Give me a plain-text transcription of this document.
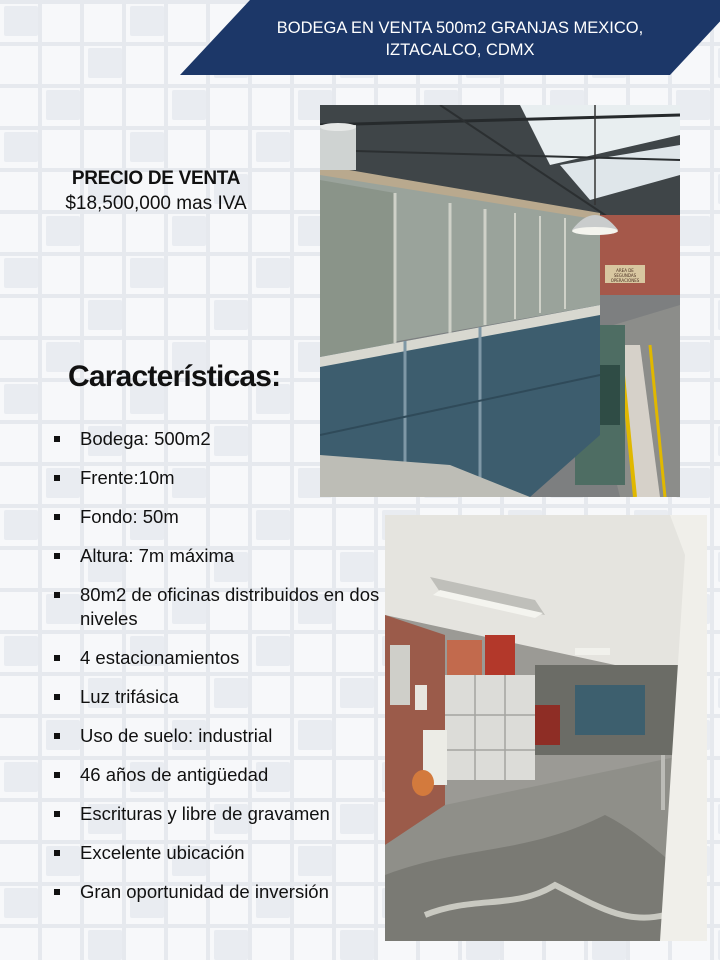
BODEGA EN VENTA 500m2 GRANJAS MEXICO,
IZTACALCO, CDMX
PRECIO DE VENTA
$18,500,000 mas IVA
Características:
Bodega: 500m2
Frente:10m
Fondo: 50m
Altura: 7m máxima
80m2 de oficinas distribuidos en dos niveles
4 estacionamientos
Luz trifásica
Uso de suelo: industrial
46 años de antigüedad
Escrituras y libre de gravamen
Excelente ubicación
Gran oportunidad de inversión
AREA DE
SEGUNDAS
OPERACIONES
